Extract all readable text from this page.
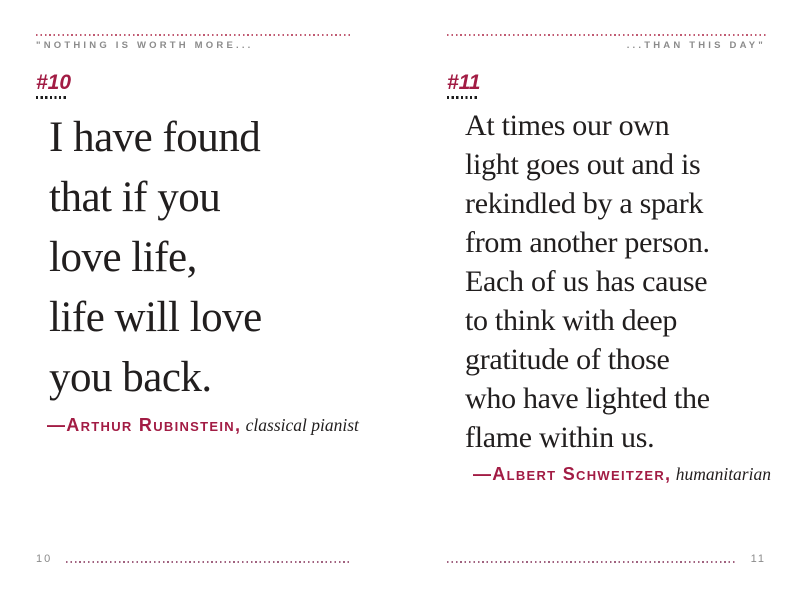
"NOTHING IS WORTH MORE...
#10
I have found
that if you
love life,
life will love
you back.
—Arthur Rubinstein, classical pianist
10
...THAN THIS DAY"
#11
At times our own
light goes out and is
rekindled by a spark
from another person.
Each of us has cause
to think with deep
gratitude of those
who have lighted the
flame within us.
—Albert Schweitzer, humanitarian
11
